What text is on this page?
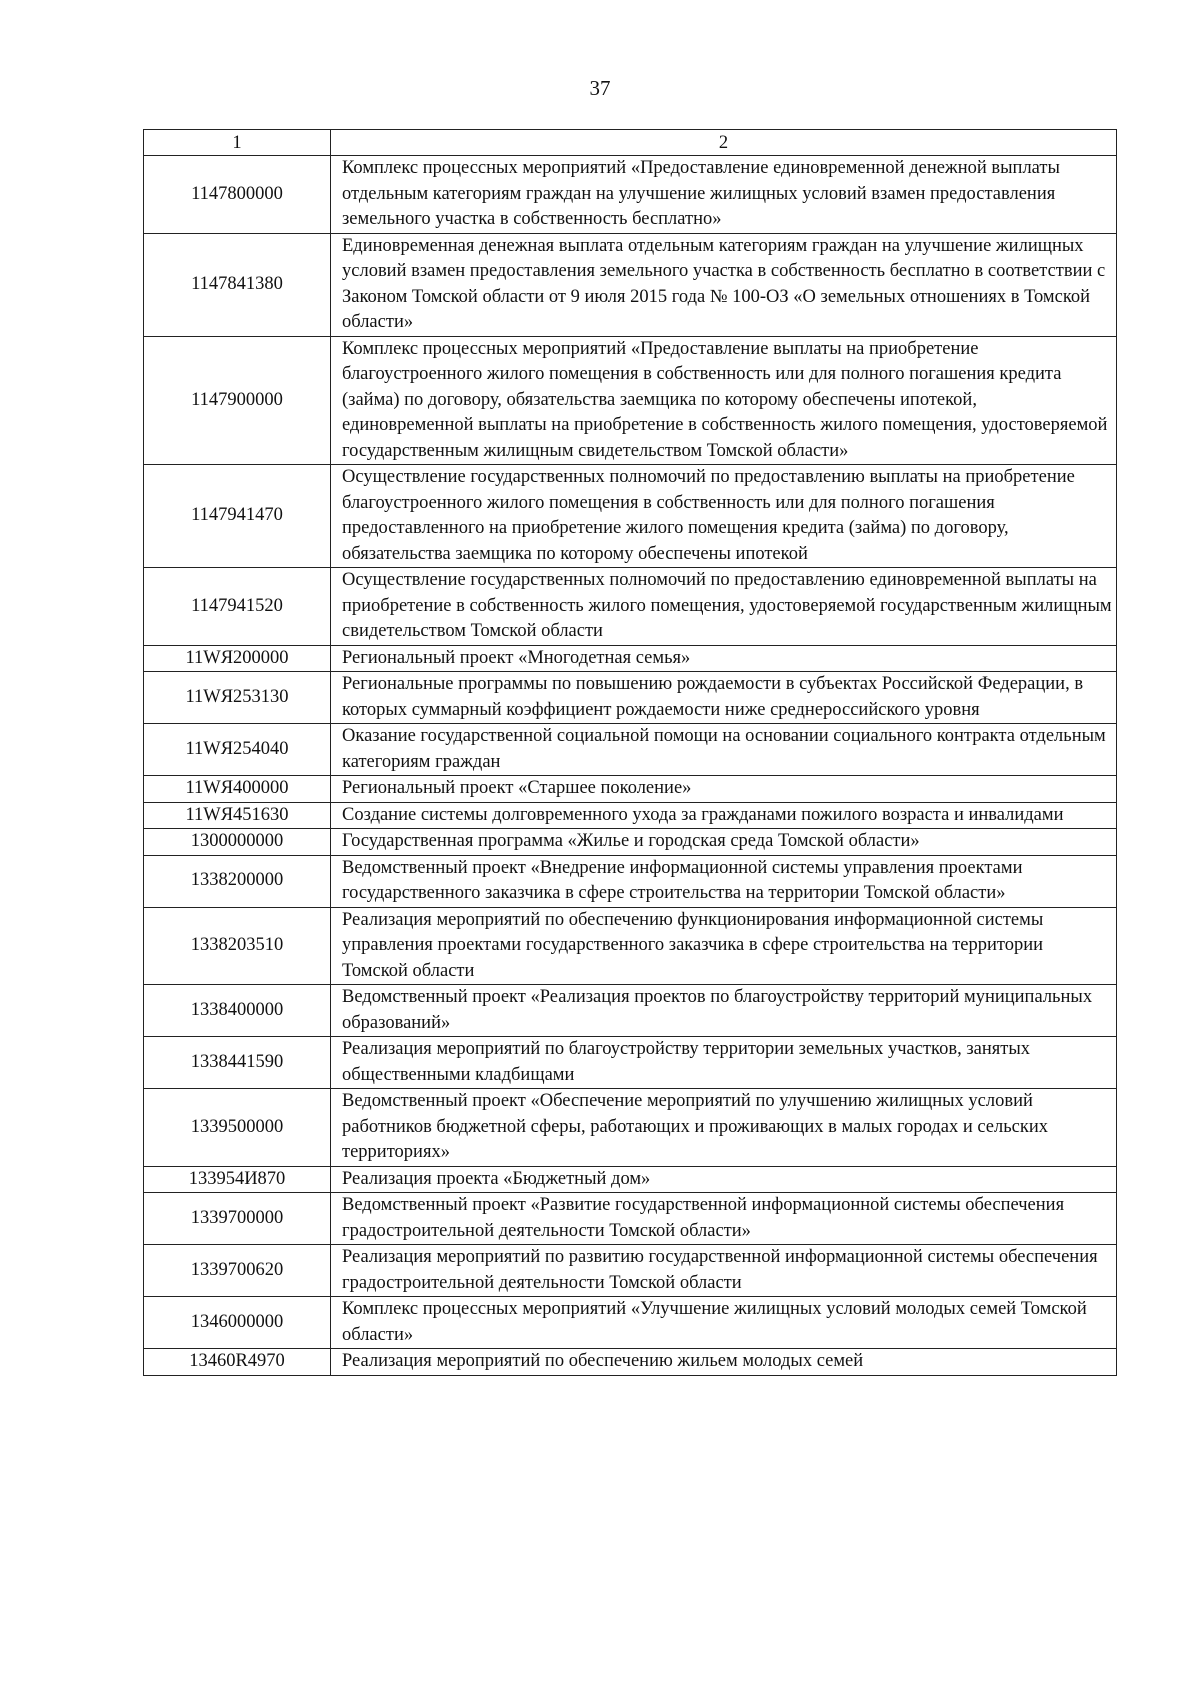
37
1	2
1147800000	Комплекс процессных мероприятий «Предоставление единовременной денежной выплаты отдельным категориям граждан на улучшение жилищных условий взамен предоставления земельного участка в собственность бесплатно»
1147841380	Единовременная денежная выплата отдельным категориям граждан на улучшение жилищных условий взамен предоставления земельного участка в собственность бесплатно в соответствии с Законом Томской области от 9 июля 2015 года № 100-ОЗ «О земельных отношениях в Томской области»
1147900000	Комплекс процессных мероприятий «Предоставление выплаты на приобретение благоустроенного жилого помещения в собственность или для полного погашения кредита (займа) по договору, обязательства заемщика по которому обеспечены ипотекой, единовременной выплаты на приобретение в собственность жилого помещения, удостоверяемой государственным жилищным свидетельством Томской области»
1147941470	Осуществление государственных полномочий по предоставлению выплаты на приобретение благоустроенного жилого помещения в собственность или для полного погашения предоставленного на приобретение жилого помещения кредита (займа) по договору, обязательства заемщика по которому обеспечены ипотекой
1147941520	Осуществление государственных полномочий по предоставлению единовременной выплаты на приобретение в собственность жилого помещения, удостоверяемой государственным жилищным свидетельством Томской области
11WЯ200000	Региональный проект «Многодетная семья»
11WЯ253130	Региональные программы по повышению рождаемости в субъектах Российской Федерации, в которых суммарный коэффициент рождаемости ниже среднероссийского уровня
11WЯ254040	Оказание государственной социальной помощи на основании социального контракта отдельным категориям граждан
11WЯ400000	Региональный проект «Старшее поколение»
11WЯ451630	Создание системы долговременного ухода за гражданами пожилого возраста и инвалидами
1300000000	Государственная программа «Жилье и городская среда Томской области»
1338200000	Ведомственный проект «Внедрение информационной системы управления проектами государственного заказчика в сфере строительства на территории Томской области»
1338203510	Реализация мероприятий по обеспечению функционирования информационной системы управления проектами государственного заказчика в сфере строительства на территории Томской области
1338400000	Ведомственный проект «Реализация проектов по благоустройству территорий муниципальных образований»
1338441590	Реализация мероприятий по благоустройству территории земельных участков, занятых общественными кладбищами
1339500000	Ведомственный проект «Обеспечение мероприятий по улучшению жилищных условий работников бюджетной сферы, работающих и проживающих в малых городах и сельских территориях»
133954И870	Реализация проекта «Бюджетный дом»
1339700000	Ведомственный проект «Развитие государственной информационной системы обеспечения градостроительной деятельности Томской области»
1339700620	Реализация мероприятий по развитию государственной информационной системы обеспечения градостроительной деятельности Томской области
1346000000	Комплекс процессных мероприятий «Улучшение жилищных условий молодых семей Томской области»
13460R4970	Реализация мероприятий по обеспечению жильем молодых семей
